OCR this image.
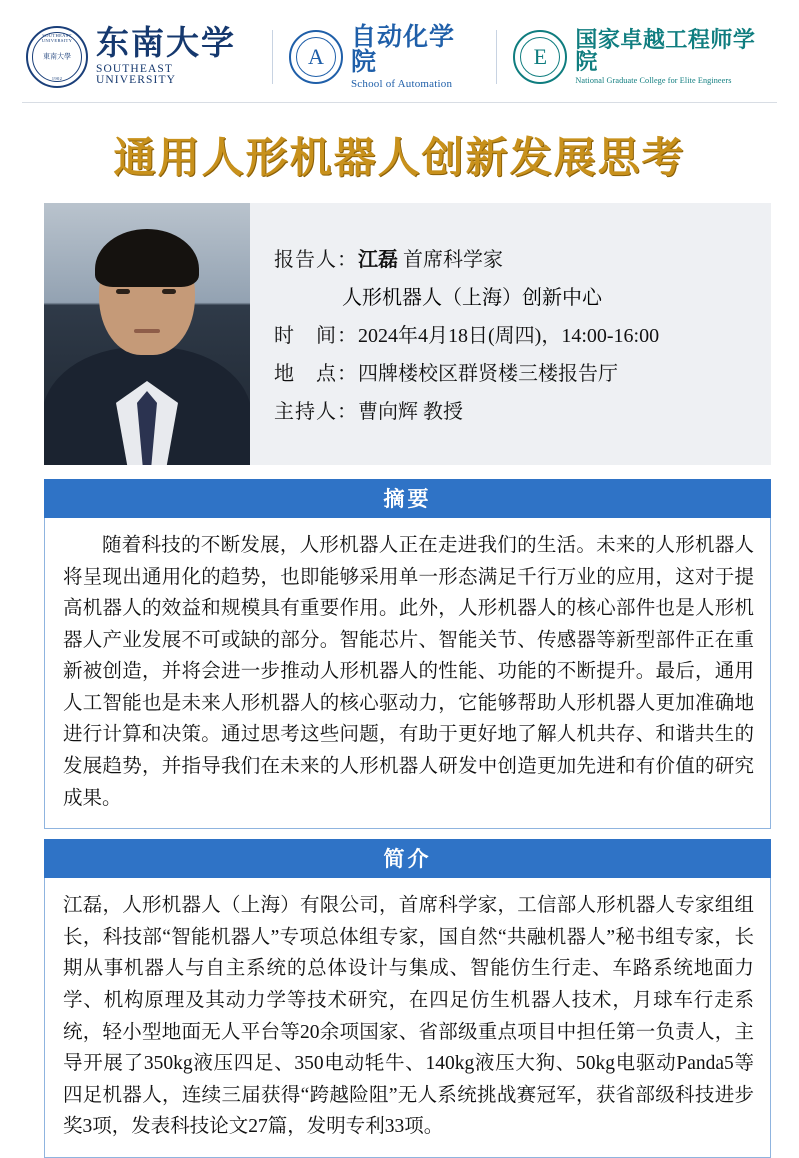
SOUTHEAST UNIVERSITY
東南大學
1902
东南大学
SOUTHEAST UNIVERSITY
A
自动化学院
School of Automation
E
国家卓越工程师学院
National Graduate College for Elite Engineers
通用人形机器人创新发展思考
报告人：江磊 首席科学家
人形机器人（上海）创新中心
时　间：2024年4月18日(周四)，14:00-16:00
地　点：四牌楼校区群贤楼三楼报告厅
主持人：曹向辉 教授
摘要

随着科技的不断发展，人形机器人正在走进我们的生活。未来的人形机器人将呈现出通用化的趋势，也即能够采用单一形态满足千行万业的应用，这对于提高机器人的效益和规模具有重要作用。此外，人形机器人的核心部件也是人形机器人产业发展不可或缺的部分。智能芯片、智能关节、传感器等新型部件正在重新被创造，并将会进一步推动人形机器人的性能、功能的不断提升。最后，通用人工智能也是未来人形机器人的核心驱动力，它能够帮助人形机器人更加准确地进行计算和决策。通过思考这些问题，有助于更好地了解人机共存、和谐共生的发展趋势，并指导我们在未来的人形机器人研发中创造更加先进和有价值的研究成果。

简介

江磊，人形机器人（上海）有限公司，首席科学家，工信部人形机器人专家组组长，科技部“智能机器人”专项总体组专家，国自然“共融机器人”秘书组专家，长期从事机器人与自主系统的总体设计与集成、智能仿生行走、车路系统地面力学、机构原理及其动力学等技术研究，在四足仿生机器人技术，月球车行走系统，轻小型地面无人平台等20余项国家、省部级重点项目中担任第一负责人，主导开展了350kg液压四足、350电动牦牛、140kg液压大狗、50kg电驱动Panda5等四足机器人，连续三届获得“跨越险阻”无人系统挑战赛冠军，获省部级科技进步奖3项，发表科技论文27篇，发明专利33项。
